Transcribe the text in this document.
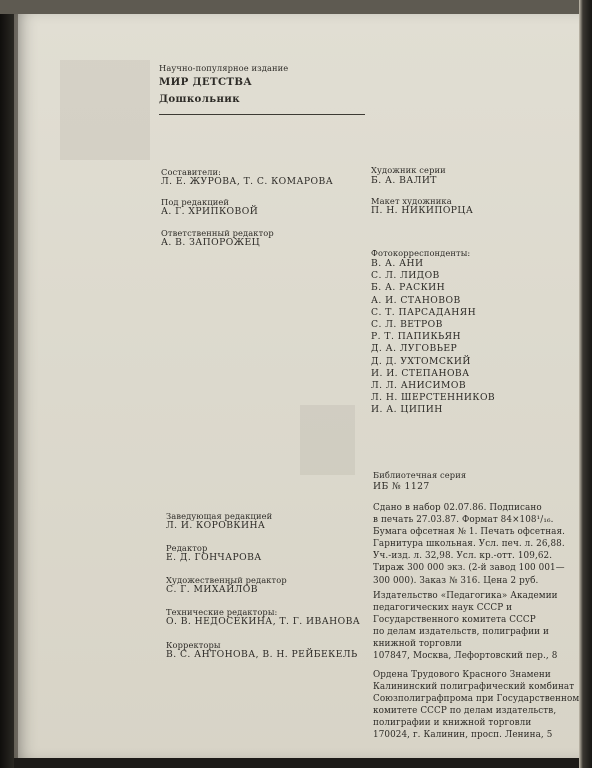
Научно-популярное издание

МИР ДЕТСТВА

Дошкольник

Составители:

Л. Е. ЖУРОВА, Т. С. КОМАРОВА

Под редакцией

А. Г. ХРИПКОВОЙ

Ответственный редактор

А. В. ЗАПОРОЖЕЦ

Художник серии

Б. А. ВАЛИТ

Макет художника

П. Н. НИКИПОРЦА

Фотокорреспонденты:

В. А. АНИ
С. Л. ЛИДОВ
Б. А. РАСКИН
А. И. СТАНОВОВ
С. Т. ПАРСАДАНЯН
С. Л. ВЕТРОВ
Р. Т. ПАПИКЬЯН
Д. А. ЛУГОВЬЕР
Д. Д. УХТОМСКИЙ
И. И. СТЕПАНОВА
Л. Л. АНИСИМОВ
Л. Н. ШЕРСТЕННИКОВ
И. А. ЦИПИН

Библиотечная серия

ИБ № 1127

Заведующая редакцией

Л. И. КОРОВКИНА

Редактор

Е. Д. ГОНЧАРОВА

Художественный редактор

С. Г. МИХАЙЛОВ

Технические редакторы:

О. В. НЕДОСЕКИНА, Т. Г. ИВАНОВА

Корректоры

В. С. АНТОНОВА, В. Н. РЕЙБЕКЕЛЬ

Сдано в набор 02.07.86. Подписано
в печать 27.03.87. Формат 84×108¹/₁₆.
Бумага офсетная № 1. Печать офсетная.
Гарнитура школьная. Усл. печ. л. 26,88.
Уч.-изд. л. 32,98. Усл. кр.-отт. 109,62.
Тираж 300 000 экз. (2-й завод 100 001—
300 000). Заказ № 316. Цена 2 руб.
Издательство «Педагогика» Академии
педагогических наук СССР и
Государственного комитета СССР
по делам издательств, полиграфии и
книжной торговли
107847, Москва, Лефортовский пер., 8
Ордена Трудового Красного Знамени
Калининский полиграфический комбинат
Союзполиграфпрома при Государственном
комитете СССР по делам издательств,
полиграфии и книжной торговли
170024, г. Калинин, просп. Ленина, 5
